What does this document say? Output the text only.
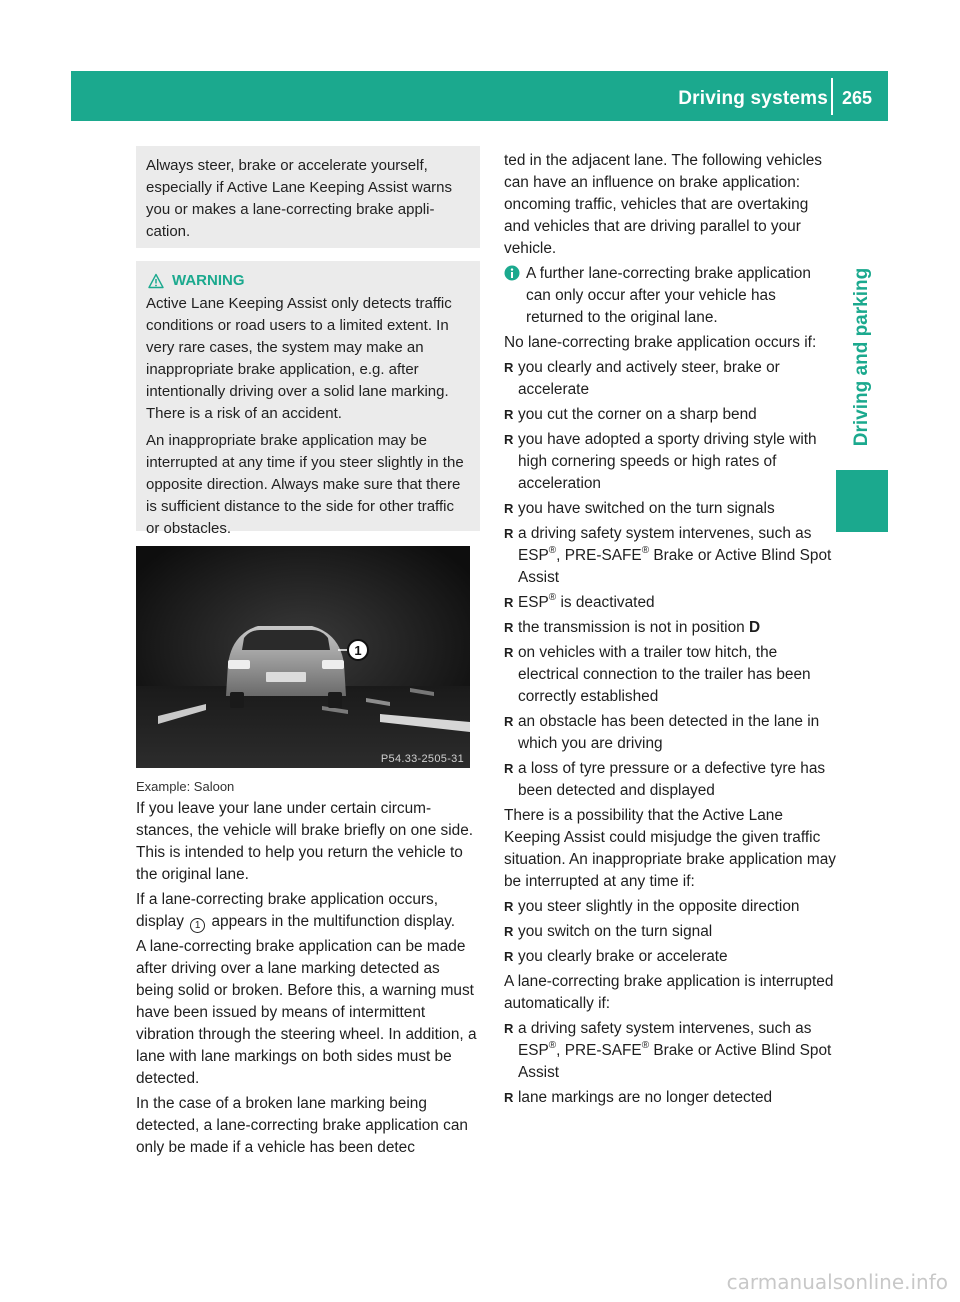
Driving systems 265
Driving and parking

Always steer, brake or accelerate yourself, especially if Active Lane Keeping Assist warns you or makes a lane-correcting brake application.

WARNING

Active Lane Keeping Assist only detects traffic conditions or road users to a limited extent. In very rare cases, the system may make an inappropriate brake application, e.g. after intentionally driving over a solid lane marking. There is a risk of an accident.

An inappropriate brake application may be interrupted at any time if you steer slightly in the opposite direction. Always make sure that there is sufficient distance to the side for other traffic or obstacles.

1
P54.33-2505-31
Example: Saloon

If you leave your lane under certain circumstances, the vehicle will brake briefly on one side. This is intended to help you return the vehicle to the original lane.

If a lane-correcting brake application occurs, display 1 appears in the multifunction display.

A lane-correcting brake application can be made after driving over a lane marking detected as being solid or broken. Before this, a warning must have been issued by means of intermittent vibration through the steering wheel. In addition, a lane with lane markings on both sides must be detected.

In the case of a broken lane marking being detected, a lane-correcting brake application can only be made if a vehicle has been detec

ted in the adjacent lane. The following vehicles can have an influence on brake application: oncoming traffic, vehicles that are overtaking and vehicles that are driving parallel to your vehicle.

A further lane-correcting brake application can only occur after your vehicle has returned to the original lane.

No lane-correcting brake application occurs if:

R you clearly and actively steer, brake or accelerate
R you cut the corner on a sharp bend
R you have adopted a sporty driving style with high cornering speeds or high rates of acceleration
R you have switched on the turn signals
R a driving safety system intervenes, such as ESP®, PRE-SAFE® Brake or Active Blind Spot Assist
R ESP® is deactivated
R the transmission is not in position D
R on vehicles with a trailer tow hitch, the electrical connection to the trailer has been correctly established
R an obstacle has been detected in the lane in which you are driving
R a loss of tyre pressure or a defective tyre has been detected and displayed

There is a possibility that the Active Lane Keeping Assist could misjudge the given traffic situation. An inappropriate brake application may be interrupted at any time if:

R you steer slightly in the opposite direction
R you switch on the turn signal
R you clearly brake or accelerate

A lane-correcting brake application is interrupted automatically if:

R a driving safety system intervenes, such as ESP®, PRE-SAFE® Brake or Active Blind Spot Assist
R lane markings are no longer detected
carmanualsonline.info
